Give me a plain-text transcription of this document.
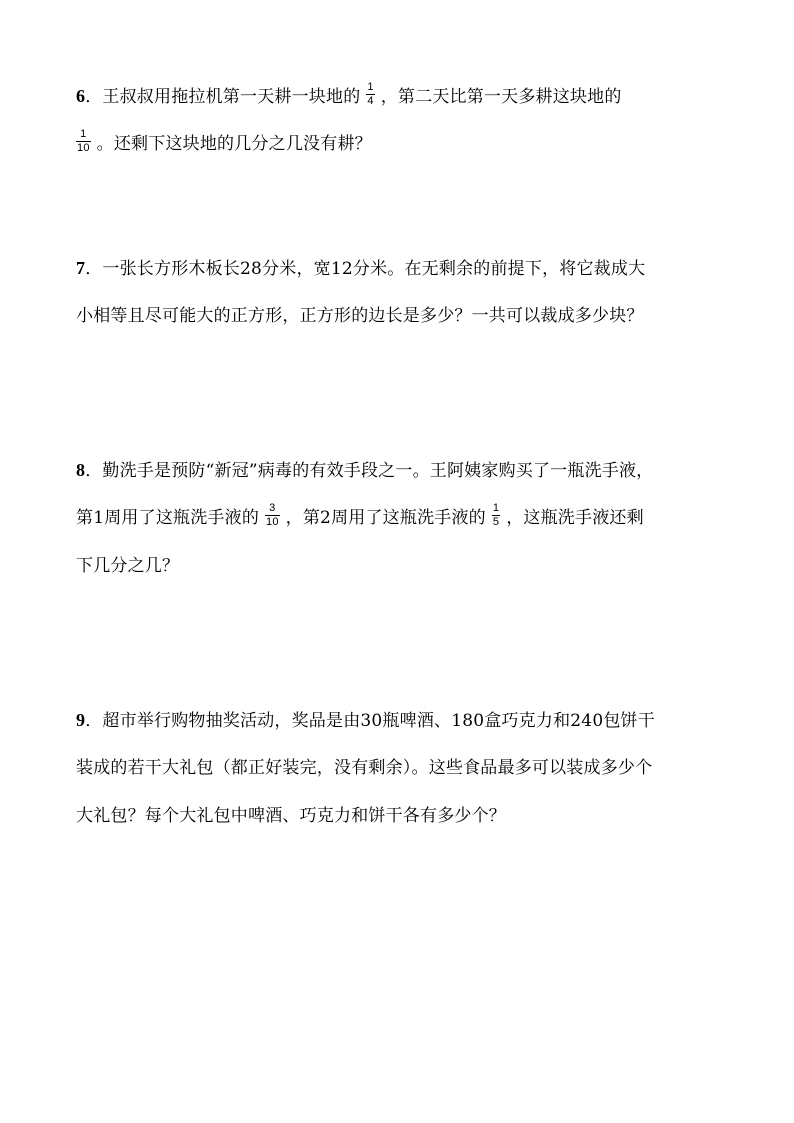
6．王叔叔用拖拉机第一天耕一块地的 $\frac{1}{4}$ ，第二天比第一天多耕这块地的
$\frac{1}{10}$ 。还剩下这块地的几分之几没有耕？
7．一张长方形木板长28分米，宽12分米。在无剩余的前提下，将它裁成大
小相等且尽可能大的正方形，正方形的边长是多少？一共可以裁成多少块？
8．勤洗手是预防“新冠”病毒的有效手段之一。王阿姨家购买了一瓶洗手液，
第1周用了这瓶洗手液的 $\frac{3}{10}$ ，第2周用了这瓶洗手液的 $\frac{1}{5}$ ，这瓶洗手液还剩
下几分之几？
9．超市举行购物抽奖活动，奖品是由30瓶啤酒、180盒巧克力和240包饼干
装成的若干大礼包（都正好装完，没有剩余）。这些食品最多可以装成多少个
大礼包？每个大礼包中啤酒、巧克力和饼干各有多少个？
